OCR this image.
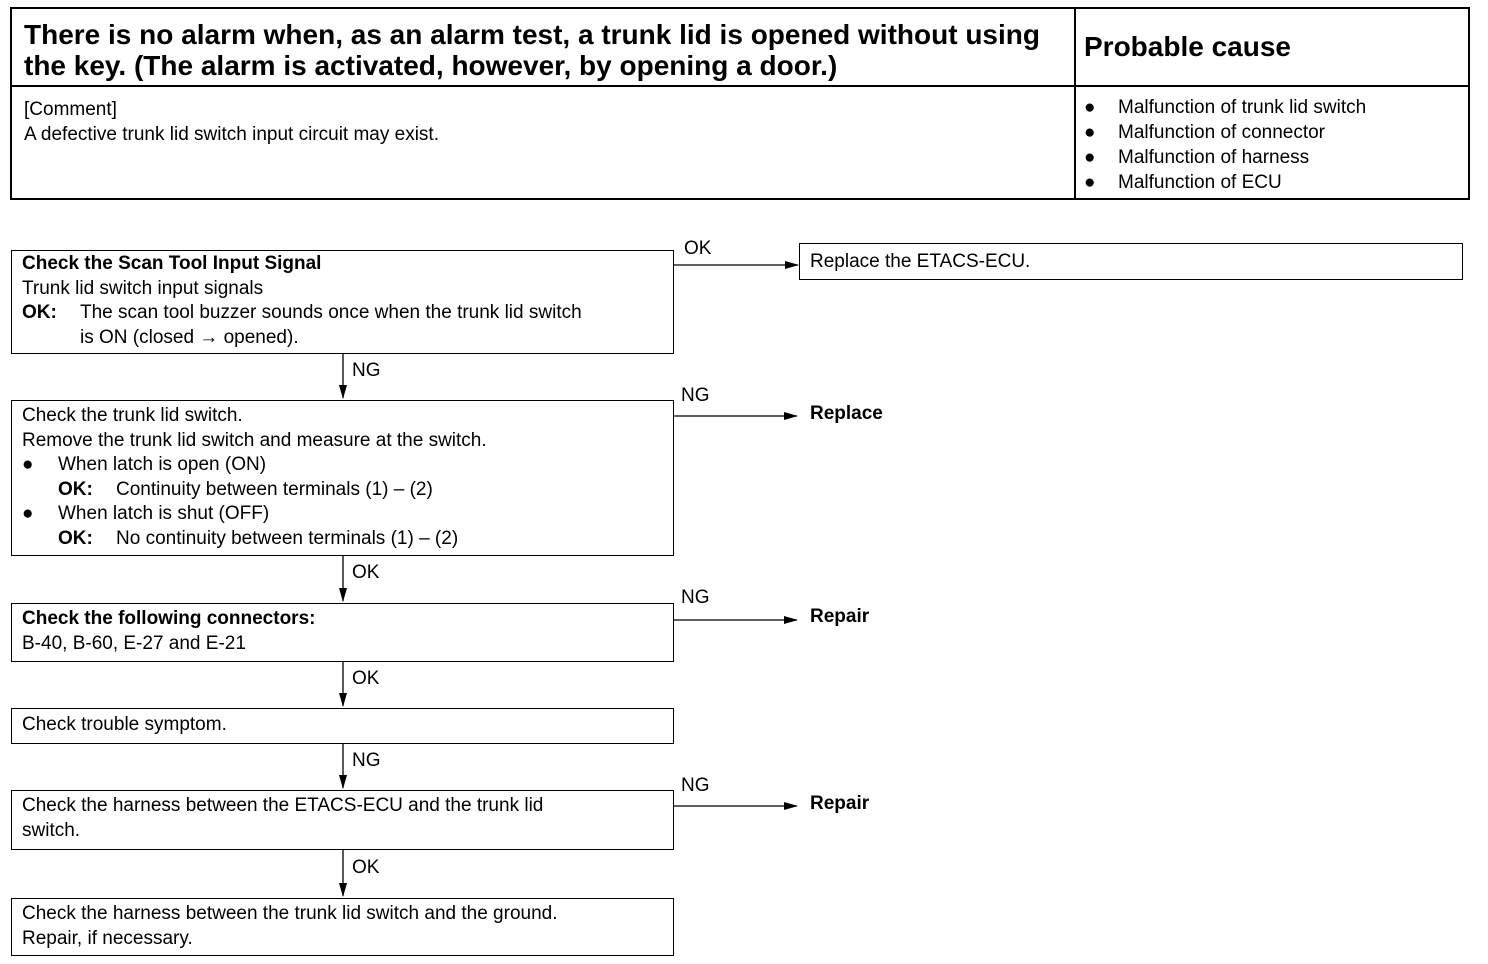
There is no alarm when, as an alarm test, a trunk lid is opened without using the key. (The alarm is activated, however, by opening a door.)
Probable cause
[Comment]
A defective trunk lid switch input circuit may exist.
●	Malfunction of trunk lid switch
●	Malfunction of connector
●	Malfunction of harness
●	Malfunction of ECU
OK
NG
NG
OK
NG
OK
NG
NG
OK
Check the Scan Tool Input Signal
Trunk lid switch input signals
OK:	The scan tool buzzer sounds once when the trunk lid switch
is ON (closed → opened).
Replace the ETACS-ECU.
Check the trunk lid switch.
Remove the trunk lid switch and measure at the switch.
●	When latch is open (ON)
OK:	Continuity between terminals (1) – (2)
●	When latch is shut (OFF)
OK:	No continuity between terminals (1) – (2)
Replace
Check the following connectors:
B-40, B-60, E-27 and E-21
Repair
Check trouble symptom.
Check the harness between the ETACS-ECU and the trunk lid
switch.
Repair
Check the harness between the trunk lid switch and the ground.
Repair, if necessary.
